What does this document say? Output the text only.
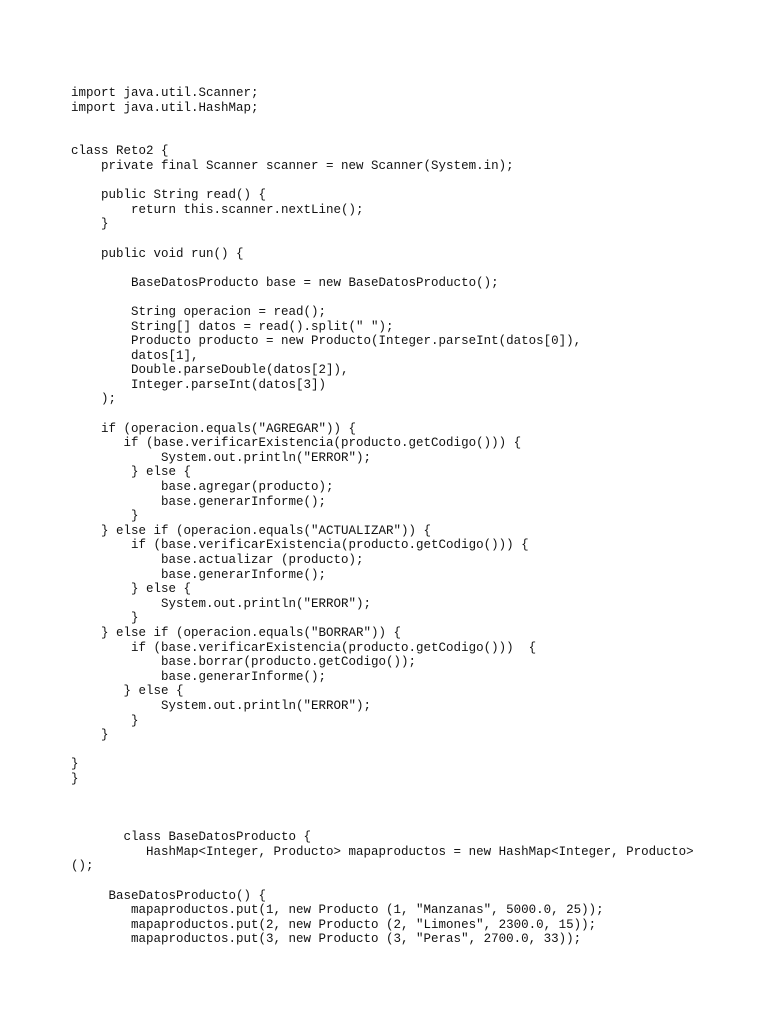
import java.util.Scanner;
import java.util.HashMap;
class Reto2 {
private final Scanner scanner = new Scanner(System.in);
public String read() {
return this.scanner.nextLine();
}
public void run() {
BaseDatosProducto base = new BaseDatosProducto();
String operacion = read();
String[] datos = read().split(" ");
Producto producto = new Producto(Integer.parseInt(datos[0]),
datos[1],
Double.parseDouble(datos[2]),
Integer.parseInt(datos[3])
);
if (operacion.equals("AGREGAR")) {
if (base.verificarExistencia(producto.getCodigo())) {
System.out.println("ERROR");
} else {
base.agregar(producto);
base.generarInforme();
}
} else if (operacion.equals("ACTUALIZAR")) {
if (base.verificarExistencia(producto.getCodigo())) {
base.actualizar (producto);
base.generarInforme();
} else {
System.out.println("ERROR");
}
} else if (operacion.equals("BORRAR")) {
if (base.verificarExistencia(producto.getCodigo()))  {
base.borrar(producto.getCodigo());
base.generarInforme();
} else {
System.out.println("ERROR");
}
}
}
}
class BaseDatosProducto {
HashMap<Integer, Producto> mapaproductos = new HashMap<Integer, Producto>
();
BaseDatosProducto() {
mapaproductos.put(1, new Producto (1, "Manzanas", 5000.0, 25));
mapaproductos.put(2, new Producto (2, "Limones", 2300.0, 15));
mapaproductos.put(3, new Producto (3, "Peras", 2700.0, 33));
